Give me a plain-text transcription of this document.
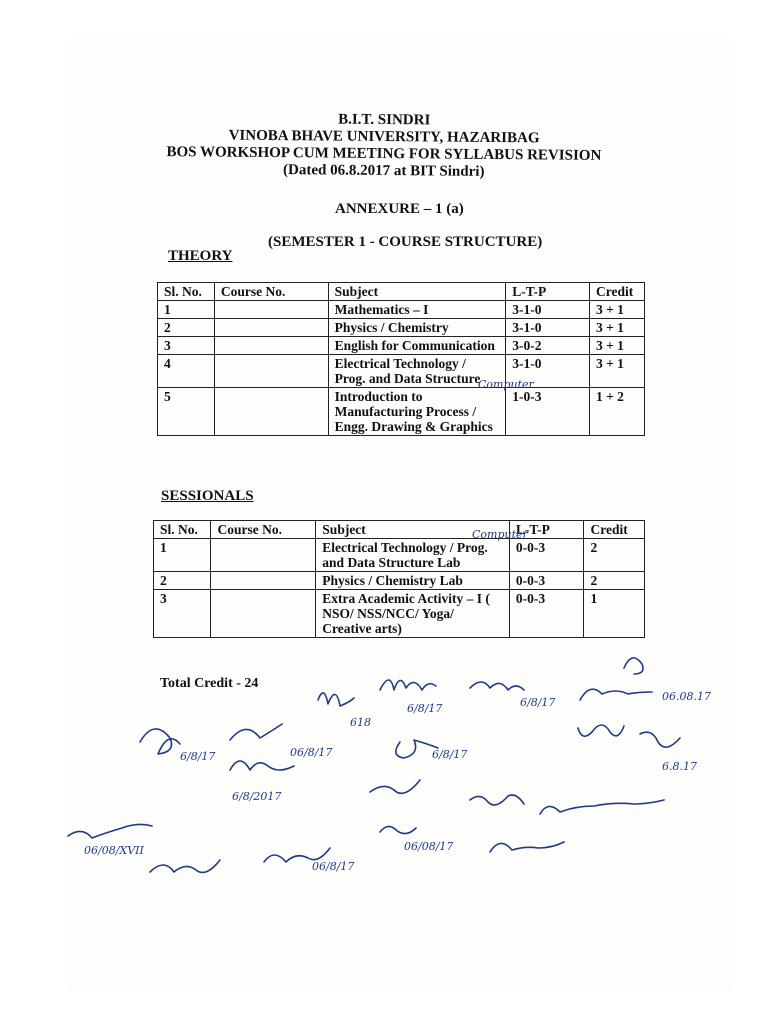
B.I.T. SINDRI
VINOBA BHAVE UNIVERSITY, HAZARIBAG
BOS WORKSHOP CUM MEETING FOR SYLLABUS REVISION
(Dated 06.8.2017 at BIT Sindri)
ANNEXURE – 1 (a)
(SEMESTER 1 - COURSE STRUCTURE)
THEORY
Sl. No.	Course No.	Subject	L-T-P	Credit
1		Mathematics – I	3-1-0	3 + 1
2		Physics / Chemistry	3-1-0	3 + 1
3		English for Communication	3-0-2	3 + 1
4		Electrical Technology / Prog. and Data Structure	3-1-0	3 + 1
5		Introduction to Manufacturing Process / Engg. Drawing & Graphics	1-0-3	1 + 2
Computer
SESSIONALS
Sl. No.	Course No.	Subject	L-T-P	Credit
1		Electrical Technology / Prog. and Data Structure Lab	0-0-3	2
2		Physics / Chemistry Lab	0-0-3	2
3		Extra Academic Activity – I ( NSO/ NSS/NCC/ Yoga/ Creative arts)	0-0-3	1
Computer
Total Credit - 24
6/8/17	6/8/17
618
6/8/17	06/8/17
06.08.17
6/8/17
6.8.17
6/8/2017
06/08/XVII
06/8/17
06/08/17
